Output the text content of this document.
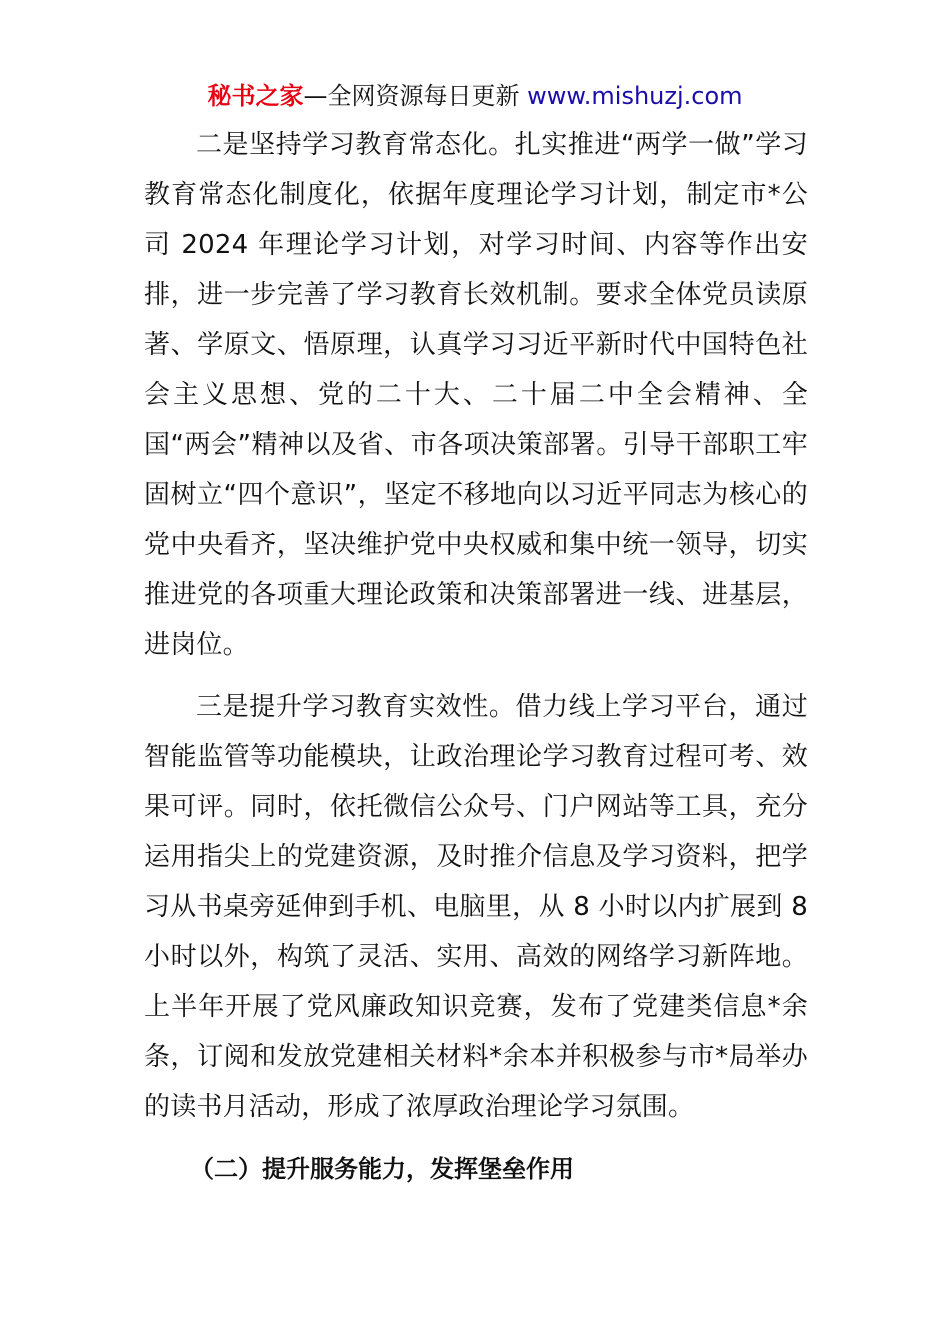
秘书之家—全网资源每日更新 www.mishuzj.com

二是坚持学习教育常态化。扎实推进“两学一做”学习教育常态化制度化，依据年度理论学习计划，制定市*公司 2024 年理论学习计划，对学习时间、内容等作出安排，进一步完善了学习教育长效机制。要求全体党员读原著、学原文、悟原理，认真学习习近平新时代中国特色社会主义思想、党的二十大、二十届二中全会精神、全国“两会”精神以及省、市各项决策部署。引导干部职工牢固树立“四个意识”，坚定不移地向以习近平同志为核心的党中央看齐，坚决维护党中央权威和集中统一领导，切实推进党的各项重大理论政策和决策部署进一线、进基层，进岗位。

三是提升学习教育实效性。借力线上学习平台，通过智能监管等功能模块，让政治理论学习教育过程可考、效果可评。同时，依托微信公众号、门户网站等工具，充分运用指尖上的党建资源，及时推介信息及学习资料，把学习从书桌旁延伸到手机、电脑里，从 8 小时以内扩展到 8 小时以外，构筑了灵活、实用、高效的网络学习新阵地。上半年开展了党风廉政知识竞赛，发布了党建类信息*余条，订阅和发放党建相关材料*余本并积极参与市*局举办的读书月活动，形成了浓厚政治理论学习氛围。

（二）提升服务能力，发挥堡垒作用
